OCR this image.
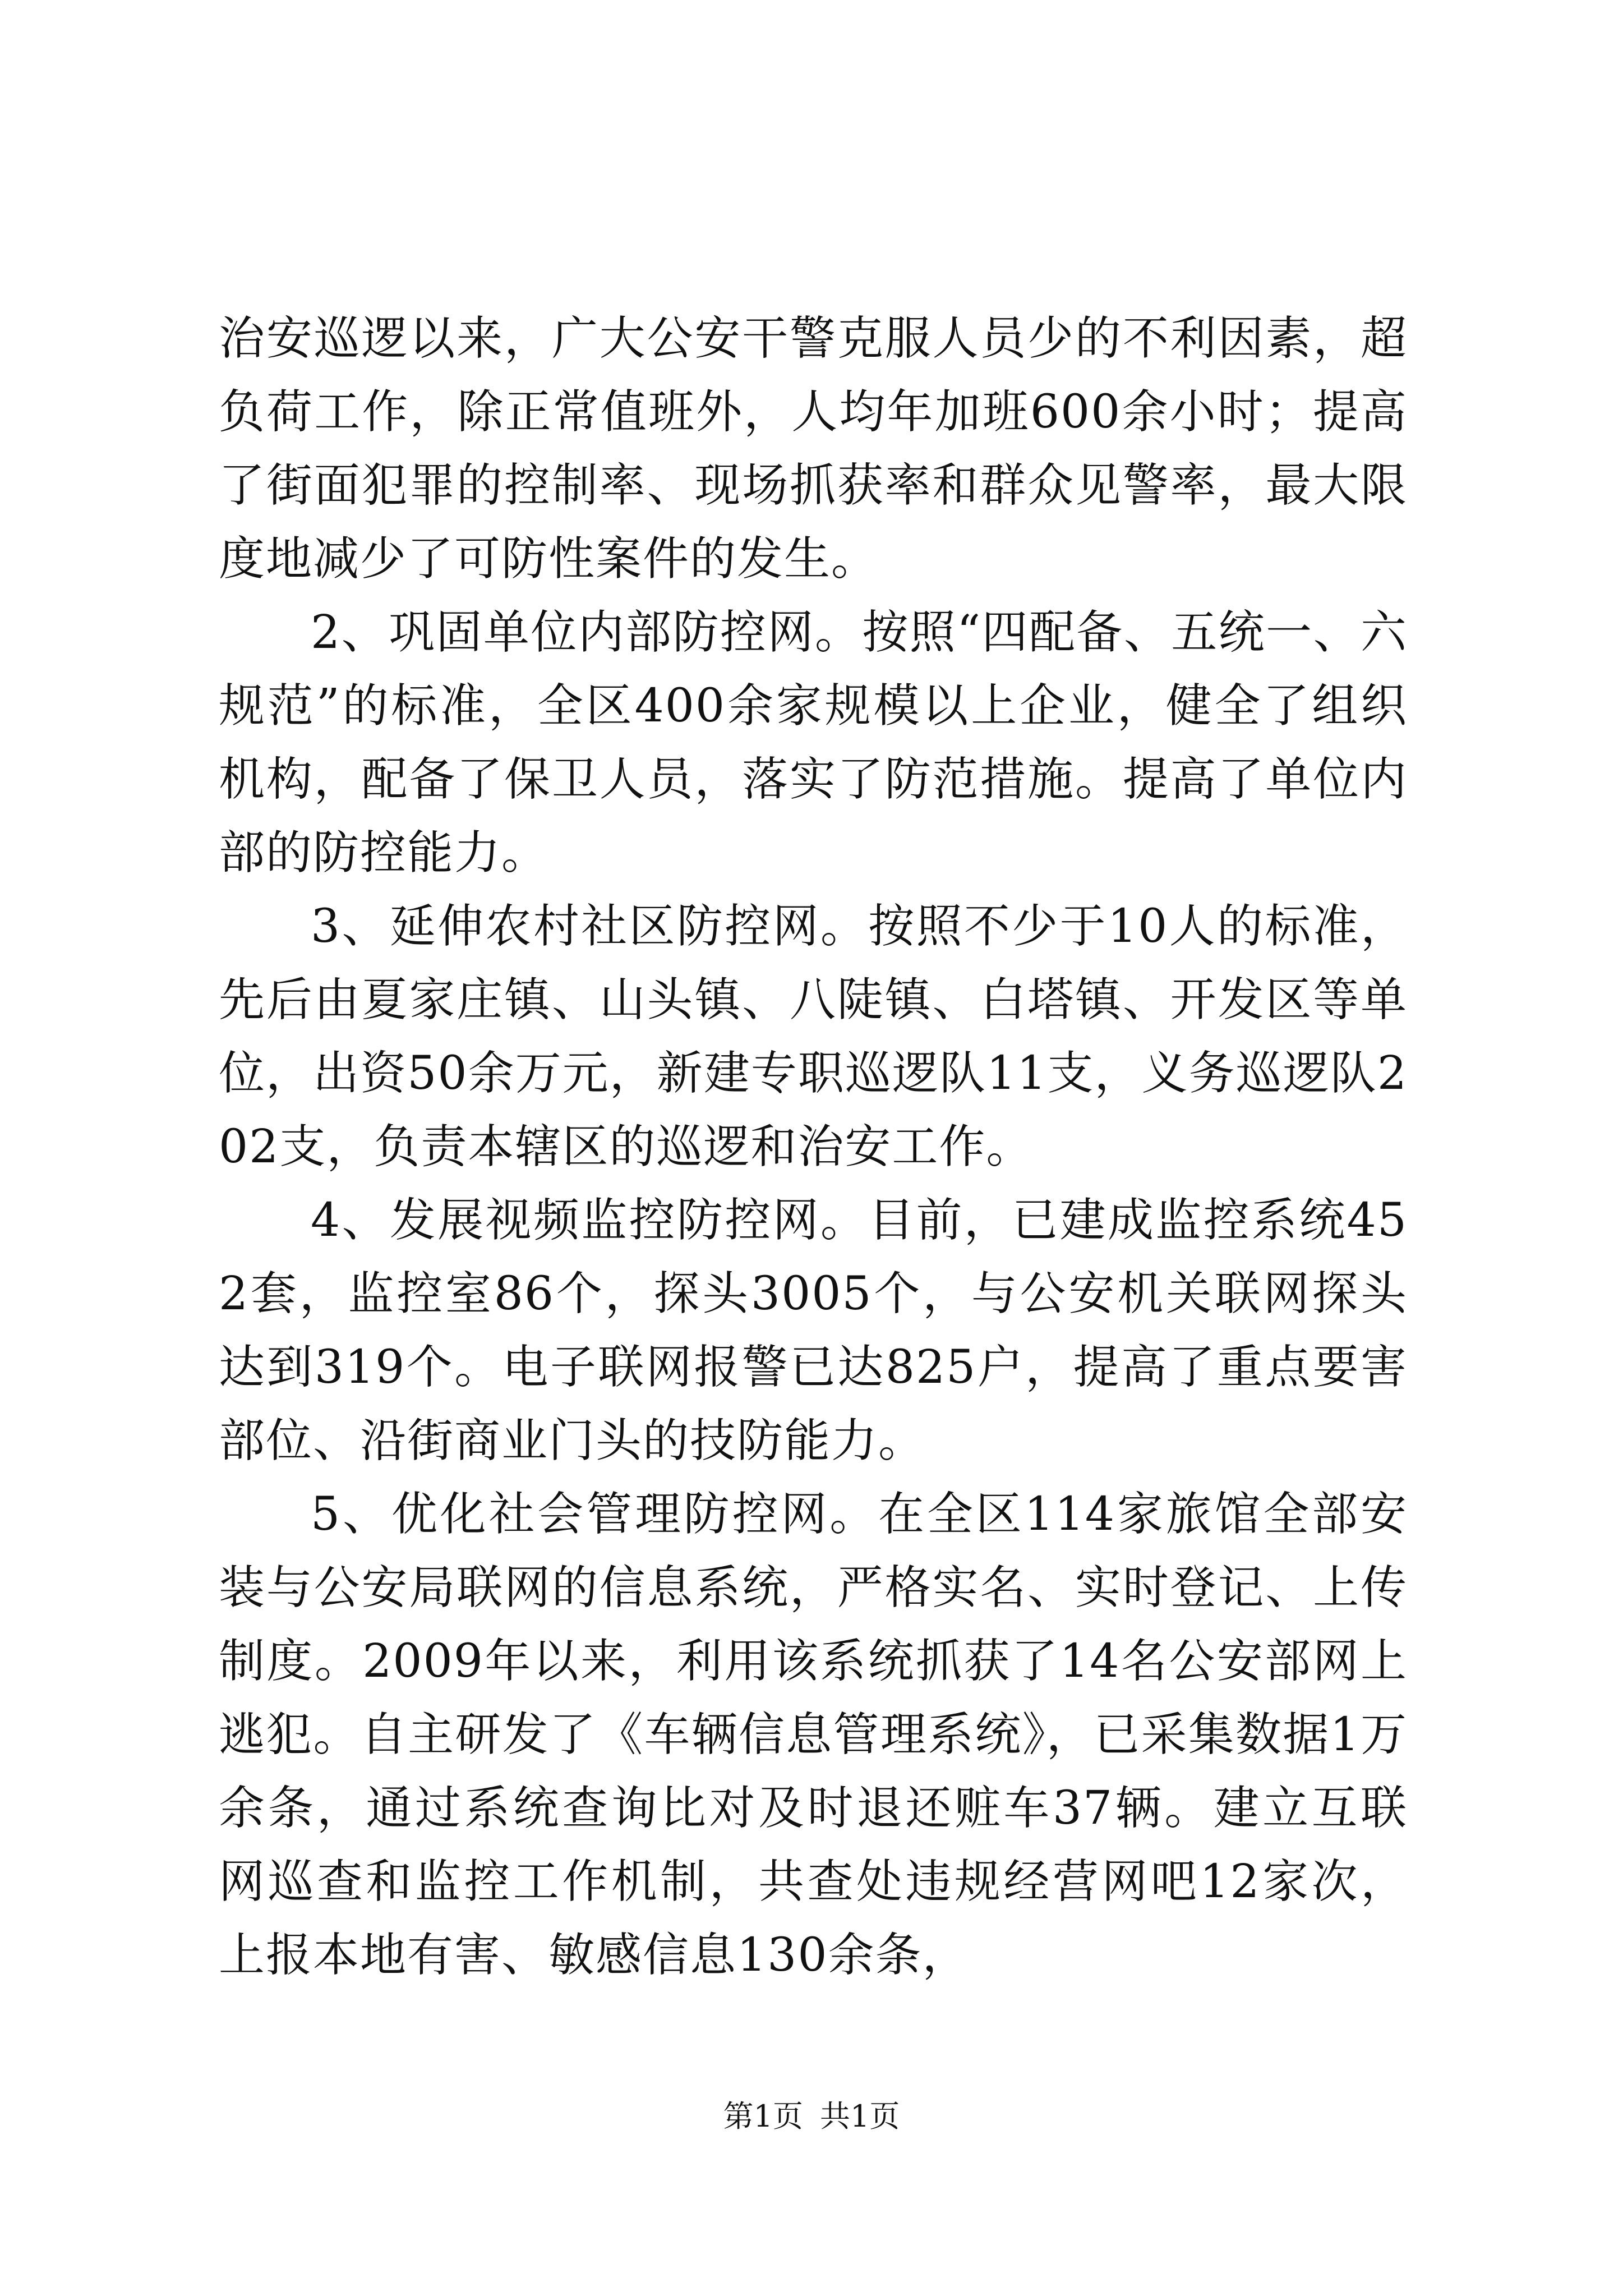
治安巡逻以来，广大公安干警克服人员少的不利因素，超负荷工作，除正常值班外，人均年加班600余小时；提高了街面犯罪的控制率、现场抓获率和群众见警率，最大限度地减少了可防性案件的发生。

2、巩固单位内部防控网。按照“四配备、五统一、六规范”的标准，全区400余家规模以上企业，健全了组织机构，配备了保卫人员，落实了防范措施。提高了单位内部的防控能力。

3、延伸农村社区防控网。按照不少于10人的标准，先后由夏家庄镇、山头镇、八陡镇、白塔镇、开发区等单位，出资50余万元，新建专职巡逻队11支，义务巡逻队202支，负责本辖区的巡逻和治安工作。

4、发展视频监控防控网。目前，已建成监控系统452套，监控室86个，探头3005个，与公安机关联网探头达到319个。电子联网报警已达825户，提高了重点要害部位、沿街商业门头的技防能力。

5、优化社会管理防控网。在全区114家旅馆全部安装与公安局联网的信息系统，严格实名、实时登记、上传制度。2009年以来，利用该系统抓获了14名公安部网上逃犯。自主研发了《车辆信息管理系统》，已采集数据1万余条，通过系统查询比对及时退还赃车37辆。建立互联网巡查和监控工作机制，共查处违规经营网吧12家次，上报本地有害、敏感信息130余条，

第1页 共1页
